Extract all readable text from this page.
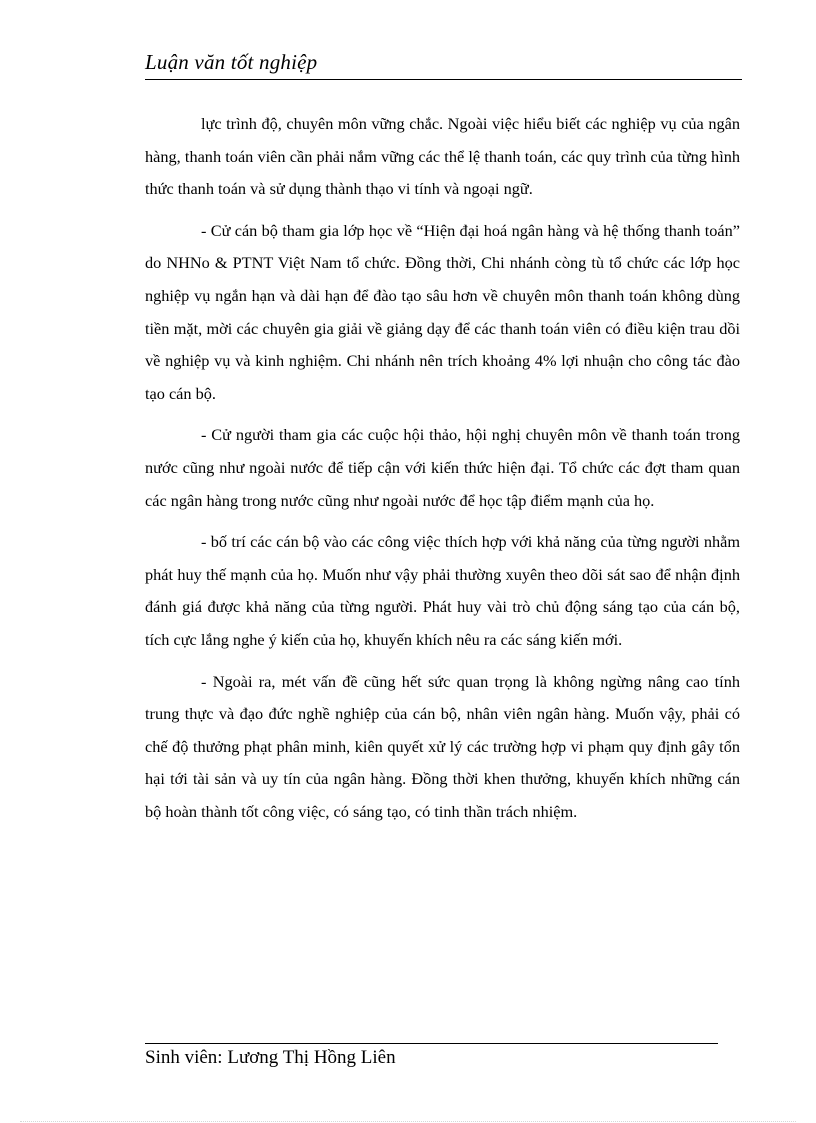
Luận văn tốt nghiệp

lực trình độ, chuyên môn vững chắc. Ngoài việc hiểu biết các nghiệp vụ của ngân hàng, thanh toán viên cần phải nắm vững các thể lệ thanh toán, các quy trình của từng hình thức thanh toán và sử dụng thành thạo vi tính và ngoại ngữ.

- Cử cán bộ tham gia lớp học về “Hiện đại hoá ngân hàng và hệ thống thanh toán” do NHNo & PTNT Việt Nam tổ chức. Đồng thời, Chi nhánh còng tù tổ chức các lớp học nghiệp vụ ngắn hạn và dài hạn để đào tạo sâu hơn về chuyên môn thanh toán không dùng tiền mặt, mời các chuyên gia giải về giảng dạy để các thanh toán viên có điều kiện trau dồi về nghiệp vụ và kinh nghiệm. Chi nhánh nên trích khoảng 4% lợi nhuận cho công tác đào tạo cán bộ.

- Cử người tham gia các cuộc hội thảo, hội nghị chuyên môn về thanh toán trong nước cũng như ngoài nước để tiếp cận với kiến thức hiện đại. Tổ chức các đợt tham quan các ngân hàng trong nước cũng như ngoài nước để học tập điểm mạnh của họ.

- bố trí các cán bộ vào các công việc thích hợp với khả năng của từng người nhằm phát huy thế mạnh của họ. Muốn như vậy phải thường xuyên theo dõi sát sao để nhận định đánh giá được khả năng của từng người. Phát huy vài trò chủ động sáng tạo của cán bộ, tích cực lắng nghe ý kiến của họ, khuyến khích nêu ra các sáng kiến mới.

- Ngoài ra, mét vấn đề cũng hết sức quan trọng là không ngừng nâng cao tính trung thực và đạo đức nghề nghiệp của cán bộ, nhân viên ngân hàng. Muốn vậy, phải có chế độ thưởng phạt phân minh, kiên quyết xử lý các trường hợp vi phạm quy định gây tổn hại tới tài sản và uy tín của ngân hàng. Đồng thời khen thưởng, khuyến khích những cán bộ hoàn thành tốt công việc, có sáng tạo, có tinh thần trách nhiệm.

Sinh viên: Lương Thị Hồng Liên
